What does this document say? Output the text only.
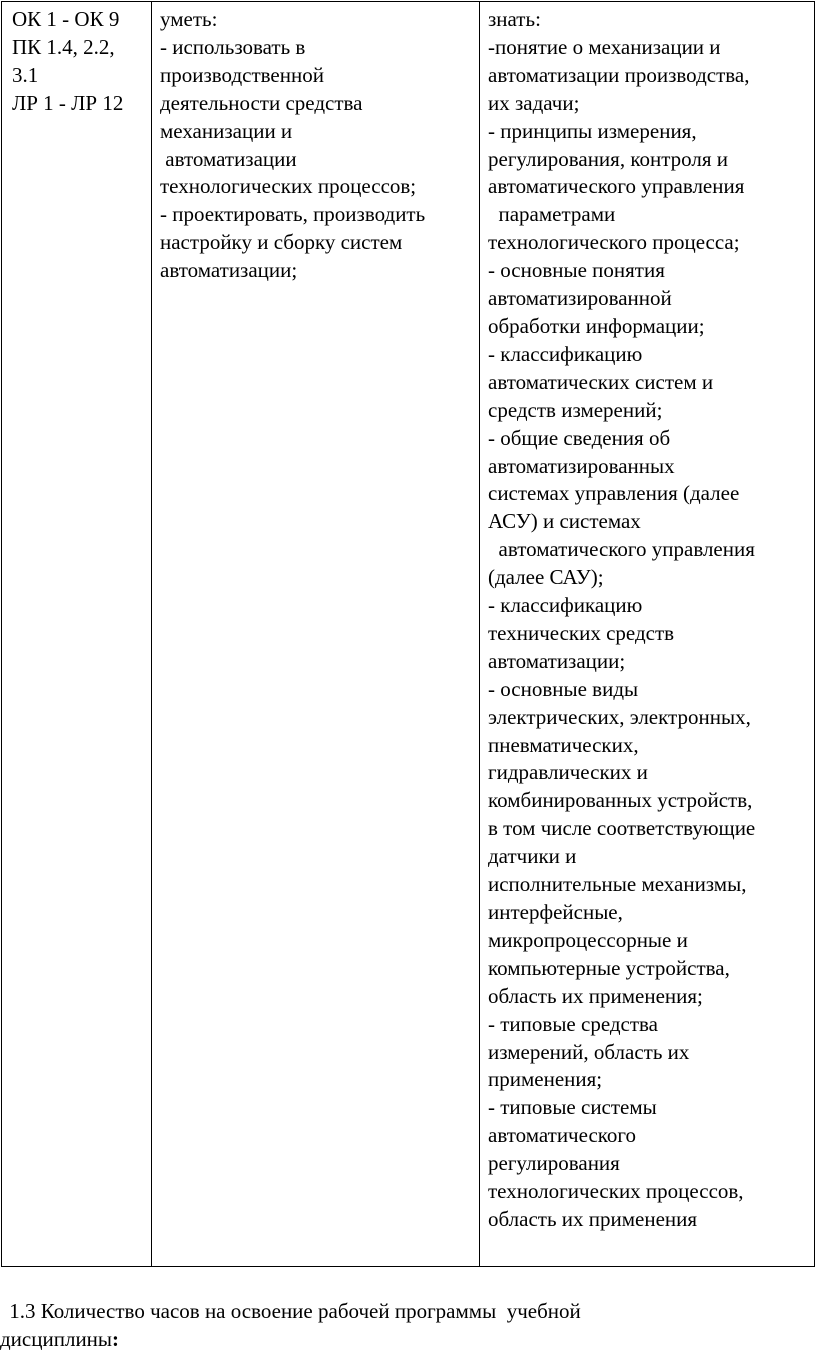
ОК 1 - ОК 9
ПК 1.4, 2.2,
3.1
ЛР 1 - ЛР 12

уметь:
- использовать в
производственной
деятельности средства
механизации и
автоматизации
технологических процессов;
- проектировать, производить
настройку и сборку систем
автоматизации;

знать:
-понятие о механизации и
автоматизации производства,
их задачи;
- принципы измерения,
регулирования, контроля и
автоматического управления
параметрами
технологического процесса;
- основные понятия
автоматизированной
обработки информации;
- классификацию
автоматических систем и
средств измерений;
- общие сведения об
автоматизированных
системах управления (далее
АСУ) и системах
автоматического управления
(далее САУ);
- классификацию
технических средств
автоматизации;
- основные виды
электрических, электронных,
пневматических,
гидравлических и
комбинированных устройств,
в том числе соответствующие
датчики и
исполнительные механизмы,
интерфейсные,
микропроцессорные и
компьютерные устройства,
область их применения;
- типовые средства
измерений, область их
применения;
- типовые системы
автоматического
регулирования
технологических процессов,
область их применения
1.3 Количество часов на освоение рабочей программы  учебной
дисциплины:
